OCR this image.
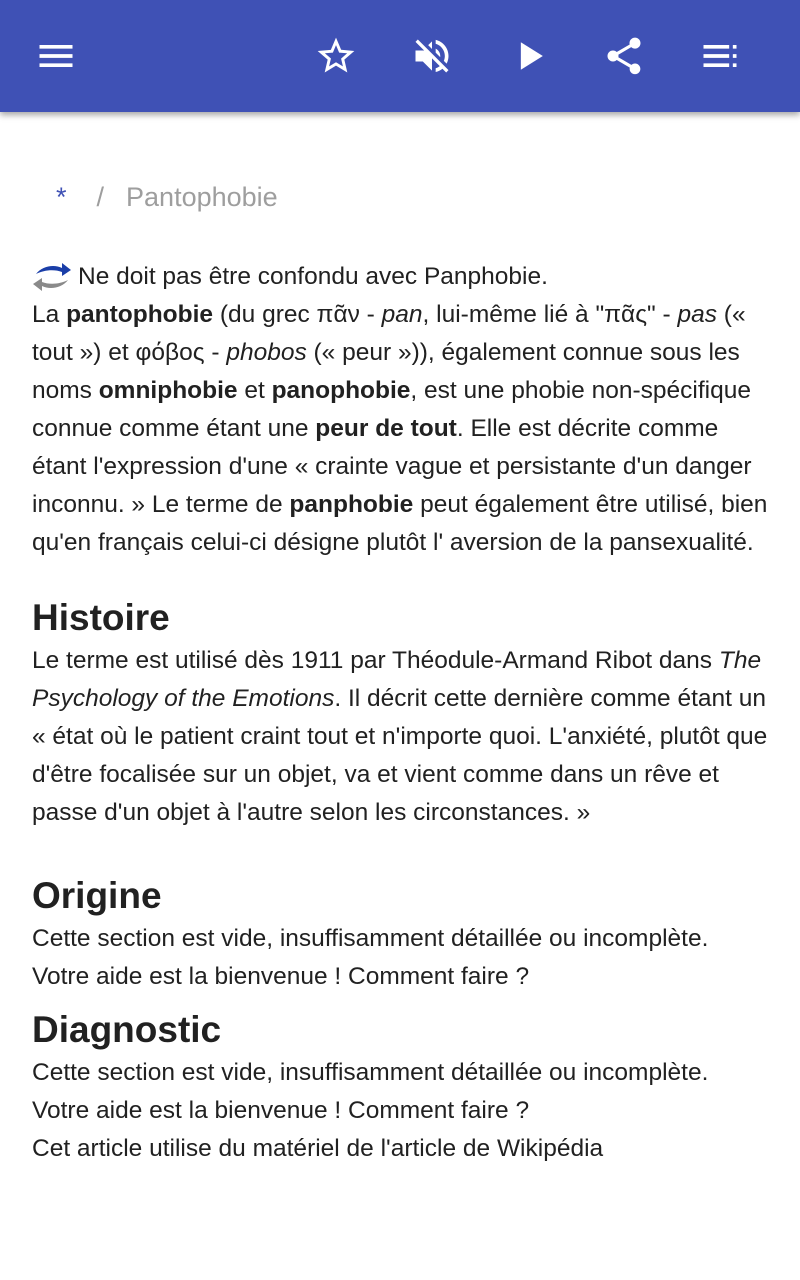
* / Pantophobie

Ne doit pas être confondu avec Panphobie.

La pantophobie (du grec πᾶν - pan, lui-même lié à "πᾶς" - pas (« tout ») et φόβος - phobos (« peur »)), également connue sous les noms omniphobie et panophobie, est une phobie non-spécifique connue comme étant une peur de tout. Elle est décrite comme étant l'expression d'une « crainte vague et persistante d'un danger inconnu. » Le terme de panphobie peut également être utilisé, bien qu'en français celui-ci désigne plutôt l' aversion de la pansexualité.

Histoire

Le terme est utilisé dès 1911 par Théodule-Armand Ribot dans The Psychology of the Emotions. Il décrit cette dernière comme étant un « état où le patient craint tout et n'importe quoi. L'anxiété, plutôt que d'être focalisée sur un objet, va et vient comme dans un rêve et passe d'un objet à l'autre selon les circonstances. »

Origine

Cette section est vide, insuffisamment détaillée ou incomplète. Votre aide est la bienvenue ! Comment faire ?

Diagnostic

Cette section est vide, insuffisamment détaillée ou incomplète. Votre aide est la bienvenue ! Comment faire ?

Cet article utilise du matériel de l'article de Wikipédia
